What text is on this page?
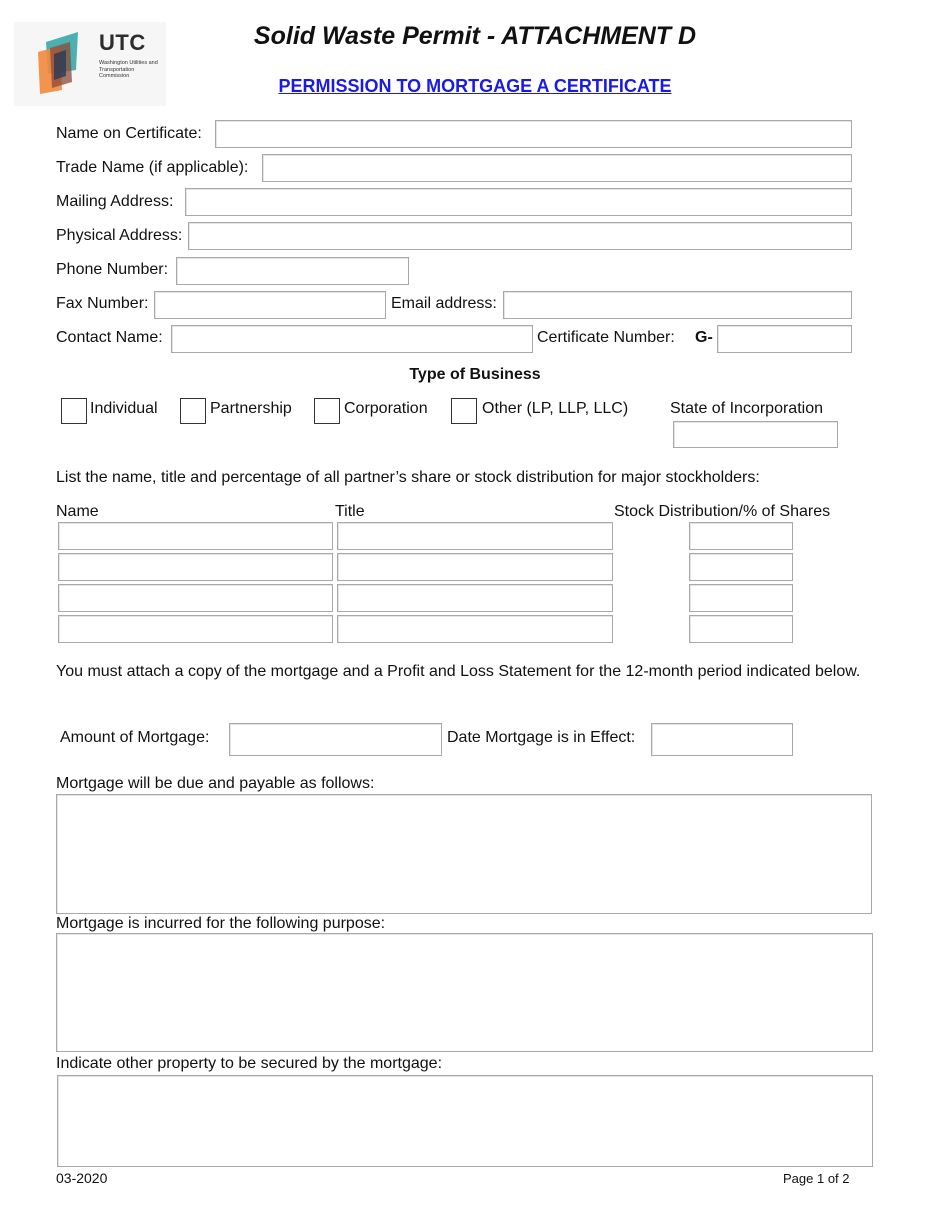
UTC
Washington Utilities and Transportation Commission
Solid Waste Permit - ATTACHMENT D
PERMISSION TO MORTGAGE A CERTIFICATE
Name on Certificate:
Trade Name (if applicable):
Mailing Address:
Physical Address:
Phone Number:
Fax Number:	Email address:
Contact Name:	Certificate Number: G-
Type of Business
Individual	Partnership	Corporation	Other (LP, LLP, LLC)	State of Incorporation
List the name, title and percentage of all partner’s share or stock distribution for major stockholders:
Name	Title	Stock Distribution/% of Shares
You must attach a copy of the mortgage and a Profit and Loss Statement for the 12-month period indicated below.
Amount of Mortgage:	Date Mortgage is in Effect:
Mortgage will be due and payable as follows:
Mortgage is incurred for the following purpose:
Indicate other property to be secured by the mortgage:
03-2020	Page 1 of 2
